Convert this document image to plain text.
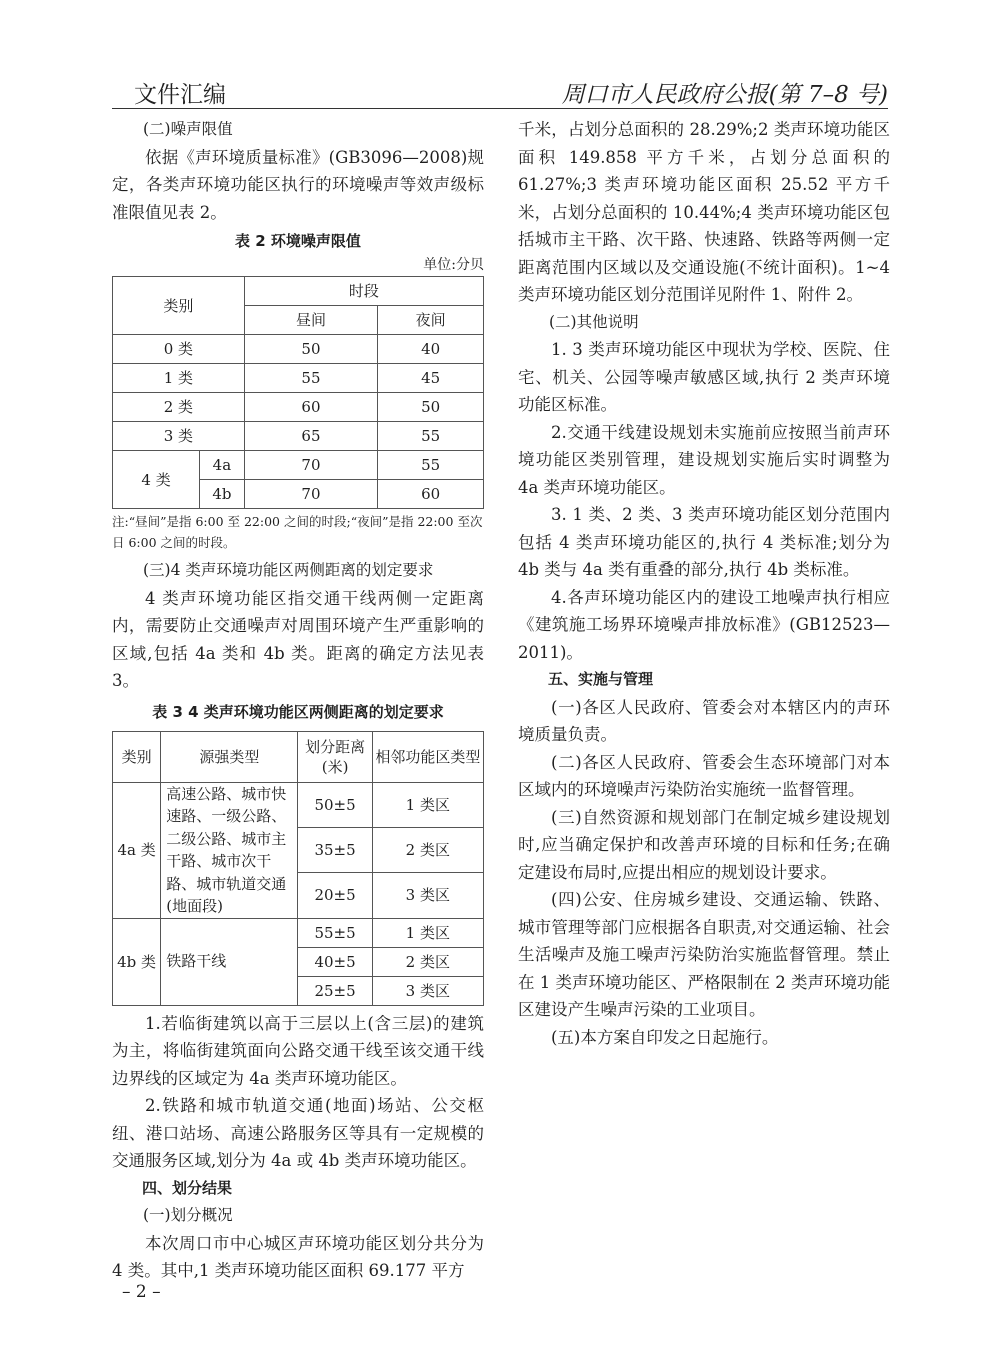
文件汇编	周口市人民政府公报(第 7–8 号)

(二)噪声限值

依据《声环境质量标准》(GB3096—2008)规定，各类声环境功能区执行的环境噪声等效声级标准限值见表 2。

表 2 环境噪声限值
单位:分贝
类别		时段	
		昼间	夜间
0 类		50	40
1 类		55	45
2 类		60	50
3 类		65	55
4 类	4a	70	55
	4b	70	60
注:“昼间”是指 6:00 至 22:00 之间的时段;“夜间”是指 22:00 至次日 6:00 之间的时段。

(三)4 类声环境功能区两侧距离的划定要求

4 类声环境功能区指交通干线两侧一定距离内，需要防止交通噪声对周围环境产生严重影响的区域,包括 4a 类和 4b 类。距离的确定方法见表 3。

表 3 4 类声环境功能区两侧距离的划定要求
类别	源强类型	划分距离(米)	相邻功能区类型
4a 类	高速公路、城市快速路、一级公路、二级公路、城市主干路、城市次干路、城市轨道交通(地面段)	50±5	1 类区
		35±5	2 类区
		20±5	3 类区
4b 类	铁路干线	55±5	1 类区
		40±5	2 类区
		25±5	3 类区

1.若临街建筑以高于三层以上(含三层)的建筑为主，将临街建筑面向公路交通干线至该交通干线边界线的区域定为 4a 类声环境功能区。

2.铁路和城市轨道交通(地面)场站、公交枢纽、港口站场、高速公路服务区等具有一定规模的交通服务区域,划分为 4a 或 4b 类声环境功能区。

四、划分结果

(一)划分概况

本次周口市中心城区声环境功能区划分共分为 4 类。其中,1 类声环境功能区面积 69.177 平方

千米，占划分总面积的 28.29%;2 类声环境功能区面积 149.858 平方千米，占划分总面积的 61.27%;3 类声环境功能区面积 25.52 平方千米，占划分总面积的 10.44%;4 类声环境功能区包括城市主干路、次干路、快速路、铁路等两侧一定距离范围内区域以及交通设施(不统计面积)。1~4 类声环境功能区划分范围详见附件 1、附件 2。

(二)其他说明

1. 3 类声环境功能区中现状为学校、医院、住宅、机关、公园等噪声敏感区域,执行 2 类声环境功能区标准。

2.交通干线建设规划未实施前应按照当前声环境功能区类别管理，建设规划实施后实时调整为 4a 类声环境功能区。

3. 1 类、2 类、3 类声环境功能区划分范围内包括 4 类声环境功能区的,执行 4 类标准;划分为 4b 类与 4a 类有重叠的部分,执行 4b 类标准。

4.各声环境功能区内的建设工地噪声执行相应《建筑施工场界环境噪声排放标准》(GB12523—2011)。

五、实施与管理

(一)各区人民政府、管委会对本辖区内的声环境质量负责。

(二)各区人民政府、管委会生态环境部门对本区域内的环境噪声污染防治实施统一监督管理。

(三)自然资源和规划部门在制定城乡建设规划时,应当确定保护和改善声环境的目标和任务;在确定建设布局时,应提出相应的规划设计要求。

(四)公安、住房城乡建设、交通运输、铁路、城市管理等部门应根据各自职责,对交通运输、社会生活噪声及施工噪声污染防治实施监督管理。禁止在 1 类声环境功能区、严格限制在 2 类声环境功能区建设产生噪声污染的工业项目。

(五)本方案自印发之日起施行。

– 2 –
